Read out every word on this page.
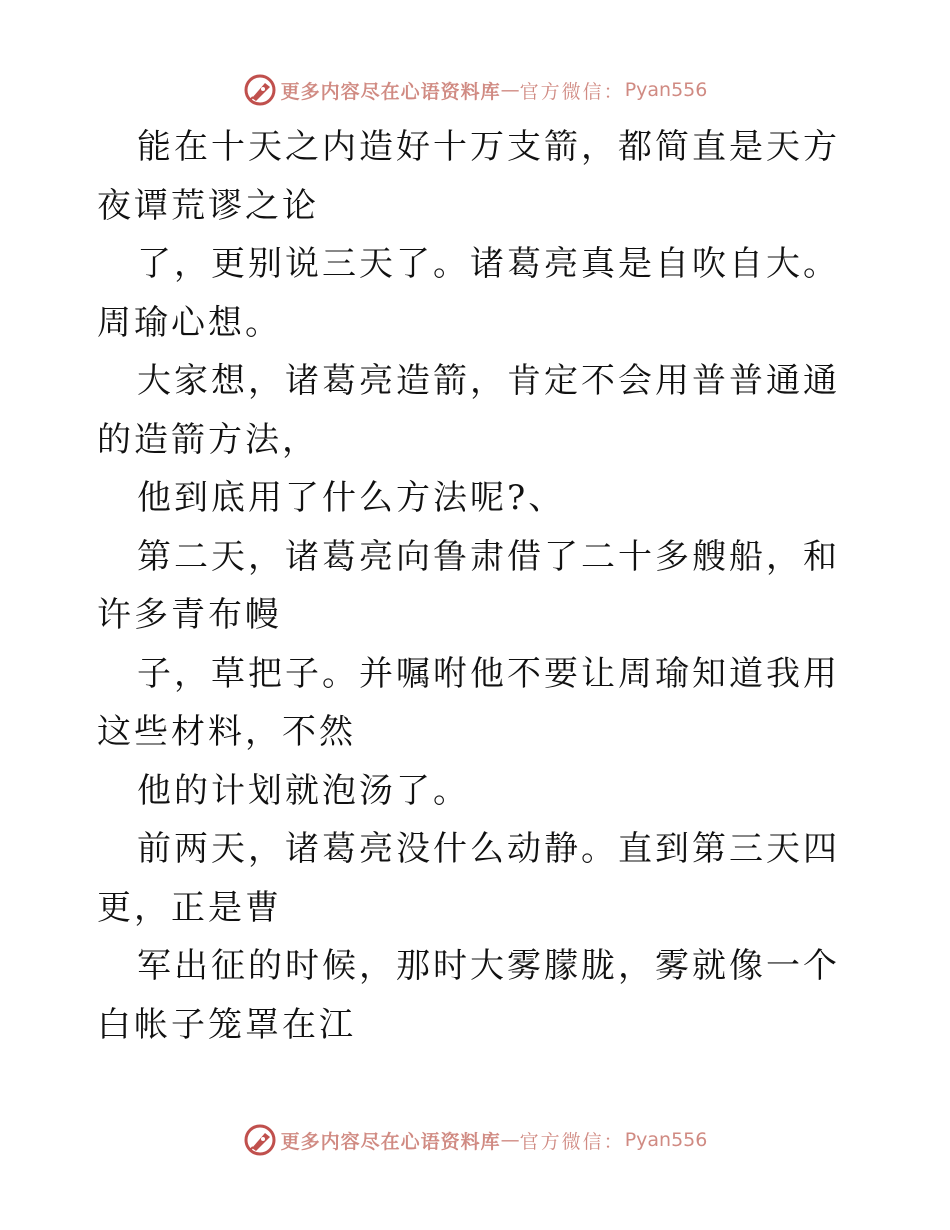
更多内容尽在心语资料库 — 官方微信： Pyan556

能在十天之内造好十万支箭，都简直是天方夜谭荒谬之论

了，更别说三天了。诸葛亮真是自吹自大。周瑜心想。

大家想，诸葛亮造箭，肯定不会用普普通通的造箭方法，

他到底用了什么方法呢?、

第二天，诸葛亮向鲁肃借了二十多艘船，和许多青布幔

子，草把子。并嘱咐他不要让周瑜知道我用这些材料，不然

他的计划就泡汤了。

前两天，诸葛亮没什么动静。直到第三天四更，正是曹

军出征的时候，那时大雾朦胧，雾就像一个白帐子笼罩在江

更多内容尽在心语资料库 — 官方微信： Pyan556
